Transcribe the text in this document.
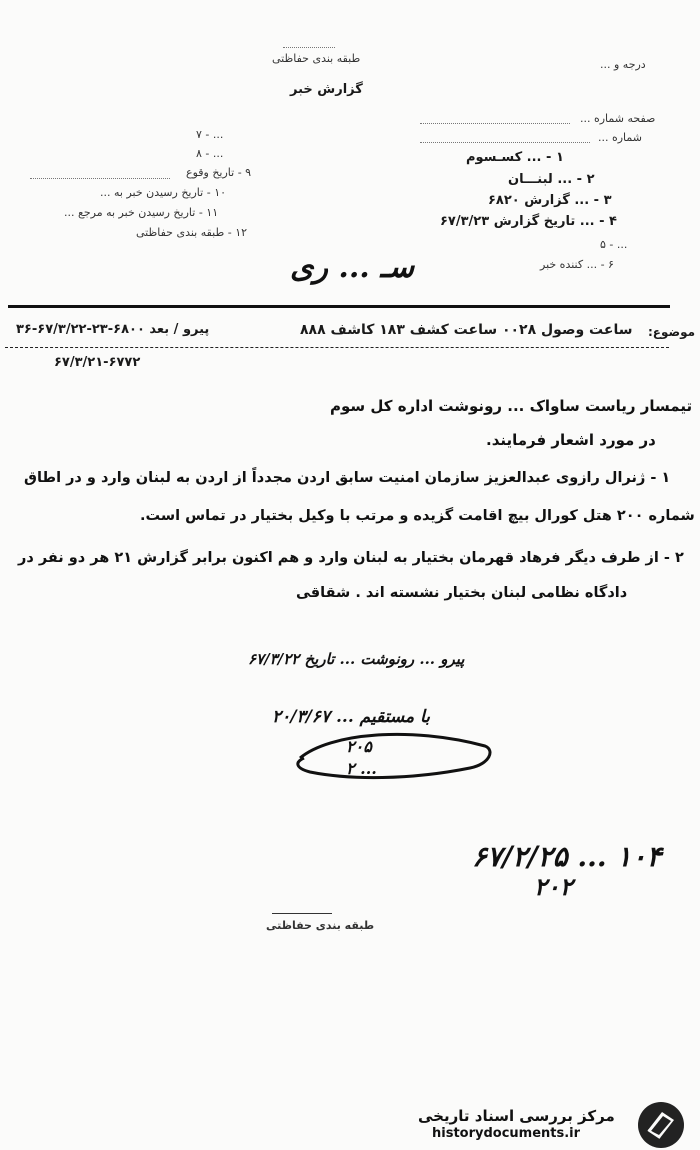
طبقه بندی حفاظتی	درجه و ...
گزارش خبر
صفحه شماره ...
شماره ...
۱ - ... کسـسوم
۲ - ... لبنـــان
۳ - ... گزارش ۶۸۲۰
۴ - ... تاریخ گزارش ۶۷/۳/۲۳
۵ - ...
۶ - ... کننده خبر
۷ - ...
۸ - ...
۹ - تاریخ وقوع
۱۰ - تاریخ رسیدن خبر به ...
۱۱ - تاریخ رسیدن خبر به مرجع ...
۱۲ - طبقه بندی حفاظتی
سـ ... رى
موضوع:
ساعت وصول ۰۰۲۸ ساعت کشف ۱۸۳ کاشف ۸۸۸
پیرو / بعد ۶۸۰۰-۲۳-۶۷/۳/۲۲-۳۶
۶۷/۳/۲۱-۶۷۷۲
تیمسار ریاست ساواک ... رونوشت اداره کل سوم
در مورد اشعار فرمایند.
۱ - ژنرال رازوی عبدالعزیز سازمان امنیت سابق اردن مجدداً از اردن به لبنان وارد و در اطاق
شماره ۲۰۰ هتل کورال بیچ اقامت گزیده و مرتب با وکیل بختیار در تماس است.
۲ - از طرف دیگر فرهاد قهرمان بختیار به لبنان وارد و هم اکنون برابر گزارش ۲۱ هر دو نفر در
دادگاه نظامی لبنان بختیار نشسته اند . شقاقی
پیرو ... رونوشت ... تاریخ ۶۷/۳/۲۲
با مستقیم ... ۲۰/۳/۶۷
۲۰۵
۲ ...
۶۷/۲/۲۵ ... ۱۰۴
۲۰۲
طبقه بندی حفاظتی
مرکز بررسی اسناد تاریخی
historydocuments.ir
